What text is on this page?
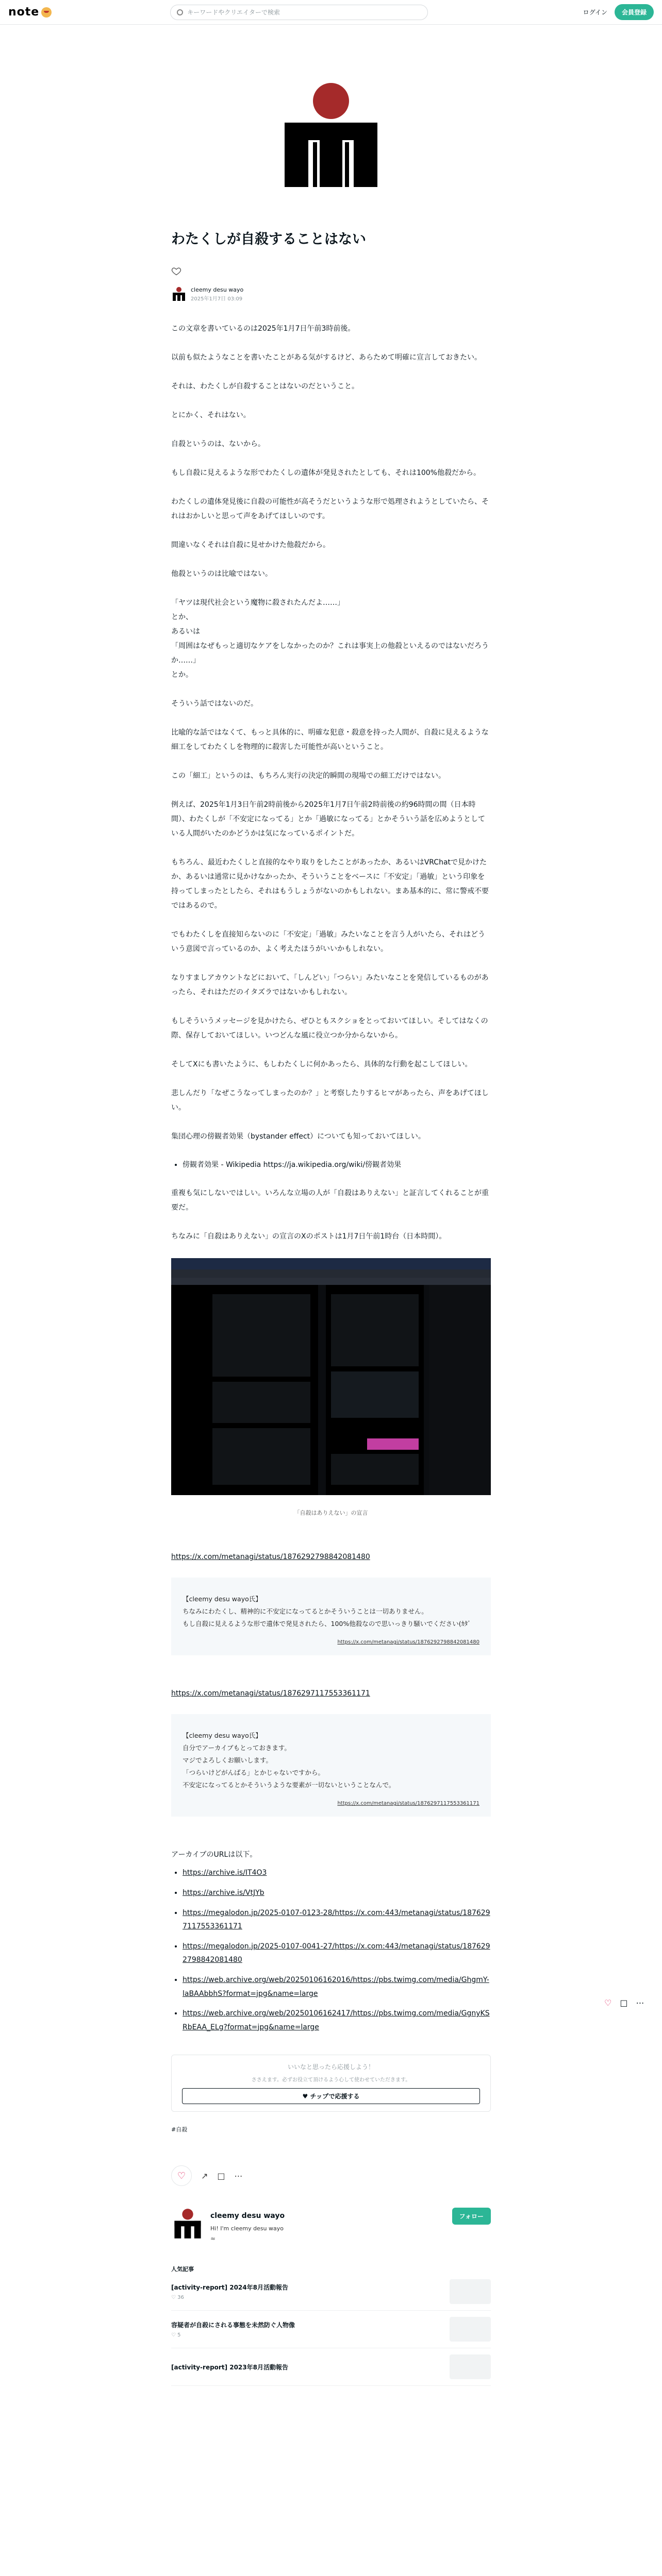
note	キーワードやクリエイターで検索	ログイン	会員登録
わたくしが自殺することはない
cleemy desu wayo
2025年1月7日 03:09

この文章を書いているのは2025年1月7日午前3時前後。

以前も似たようなことを書いたことがある気がするけど、あらためて明確に宣言しておきたい。

それは、わたくしが自殺することはないのだということ。

とにかく、それはない。

自殺というのは、ないから。

もし自殺に見えるような形でわたくしの遺体が発見されたとしても、それは100%他殺だから。

わたくしの遺体発見後に自殺の可能性が高そうだというような形で処理されようとしていたら、それはおかしいと思って声をあげてほしいのです。

間違いなくそれは自殺に見せかけた他殺だから。

他殺というのは比喩ではない。

「ヤツは現代社会という魔物に殺されたんだよ……」
とか、
あるいは
「周囲はなぜもっと適切なケアをしなかったのか？これは事実上の他殺といえるのではないだろうか……」
とか。

そういう話ではないのだ。

比喩的な話ではなくて、もっと具体的に、明確な犯意・殺意を持った人間が、自殺に見えるような細工をしてわたくしを物理的に殺害した可能性が高いということ。

この「細工」というのは、もちろん実行の決定的瞬間の現場での細工だけではない。

例えば、2025年1月3日午前2時前後から2025年1月7日午前2時前後の約96時間の間（日本時間）、わたくしが「不安定になってる」とか「過敏になってる」とかそういう話を広めようとしている人間がいたのかどうかは気になっているポイントだ。

もちろん、最近わたくしと直接的なやり取りをしたことがあったか、あるいはVRChatで見かけたか、あるいは通常に見かけなかったか、そういうことをベースに「不安定」「過敏」という印象を持ってしまったとしたら、それはもうしょうがないのかもしれない。まあ基本的に、常に警戒不要ではあるので。

でもわたくしを直接知らないのに「不安定」「過敏」みたいなことを言う人がいたら、それはどういう意図で言っているのか、よく考えたほうがいいかもしれない。

なりすましアカウントなどにおいて、「しんどい」「つらい」みたいなことを発信しているものがあったら、それはただのイタズラではないかもしれない。

もしそういうメッセージを見かけたら、ぜひともスクショをとっておいてほしい。そしてはなくの際、保存しておいてほしい。いつどんな風に役立つか分からないから。

そしてXにも書いたように、もしわたくしに何かあったら、具体的な行動を起こしてほしい。

悲しんだり「なぜこうなってしまったのか？」と考察したりするヒマがあったら、声をあげてほしい。

集団心理の傍観者効果（bystander effect）についても知っておいてほしい。

• 傍観者効果 - Wikipedia https://ja.wikipedia.org/wiki/傍観者効果

重複も気にしないではしい。いろんな立場の人が「自殺はありえない」と証言してくれることが重要だ。

ちなみに「自殺はありえない」の宣言のXのポストは1月7日午前1時台（日本時間）。

「自殺はありえない」の宣言
https://x.com/metanagi/status/1876292798842081480
【cleemy desu wayo氏】
ちなみにわたくし、精神的に不安定になってるとかそういうことは一切ありません。
もし自殺に見えるような形で遺体で発見されたら、100%他殺なので思いっきり騒いでください(ｶﾀﾞ
https://x.com/metanagi/status/1876292798842081480
https://x.com/metanagi/status/1876297117553361171
【cleemy desu wayo氏】
自分でアーカイブもとっておきます。
マジでよろしくお願いします。
「つらいけどがんばる」とかじゃないですから。
不安定になってるとかそういうような要素が一切ないということなんで。
https://x.com/metanagi/status/1876297117553361171
アーカイブのURLは以下。
• https://archive.is/IT4O3
• https://archive.is/VtJYb
• https://megalodon.jp/2025-0107-0123-28/https://x.com:443/metanagi/status/1876297117553361171
• https://megalodon.jp/2025-0107-0041-27/https://x.com:443/metanagi/status/1876292798842081480
• https://web.archive.org/web/20250106162016/https://pbs.twimg.com/media/GhgmY-laBAAbbhS?format=jpg&name=large
• https://web.archive.org/web/20250106162417/https://pbs.twimg.com/media/GgnyKSRbEAA_ELg?format=jpg&name=large
いいなと思ったら応援しよう！
ささえます。必ずお役立て頂けるよう心して使わせていただきます。
♥ チップで応援する
#自殺
♡ ↗ □ ⋯
cleemy desu wayo
Hi! I'm cleemy desu wayo
≈
フォロー
人気記事
[activity-report] 2024年8月活動報告
♡ 36
容疑者が自殺にされる事態を未然防ぐ人物像
♡ 5
[activity-report] 2023年8月活動報告
♡ □ ⋯
